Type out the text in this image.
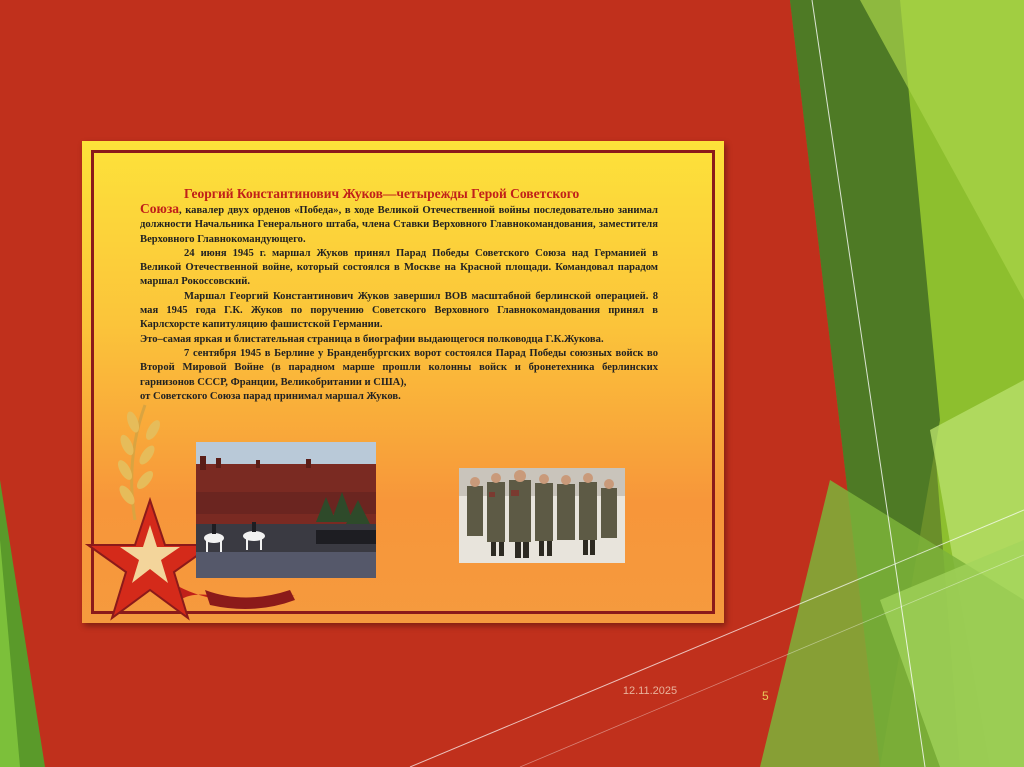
Георгий Константинович Жуков—четырежды Герой Советского

Союза, кавалер двух орденов «Победа», в ходе Великой Отечественной войны последовательно занимал должности Начальника Генерального штаба, члена Ставки Верховного Главнокомандования, заместителя Верховного Главнокомандующего.

24 июня 1945 г. маршал Жуков принял Парад Победы Советского Союза над Германией в Великой Отечественной войне, который состоялся в Москве на Красной площади. Командовал парадом маршал Рокоссовский.

Маршал Георгий Константинович Жуков завершил ВОВ масштабной берлинской операцией. 8 мая 1945 года Г.К. Жуков по поручению Советского Верховного Главнокомандования принял в Карлсхорсте капитуляцию фашистской Германии.

Это–самая яркая и блистательная страница в биографии выдающегося полководца Г.К.Жукова.

7 сентября 1945 в Берлине у Бранденбургских ворот состоялся Парад Победы союзных войск во Второй Мировой Войне (в парадном марше прошли колонны войск и бронетехника берлинских гарнизонов СССР, Франции, Великобритании и США),

от Советского Союза парад принимал маршал Жуков.

12.11.2025	5
